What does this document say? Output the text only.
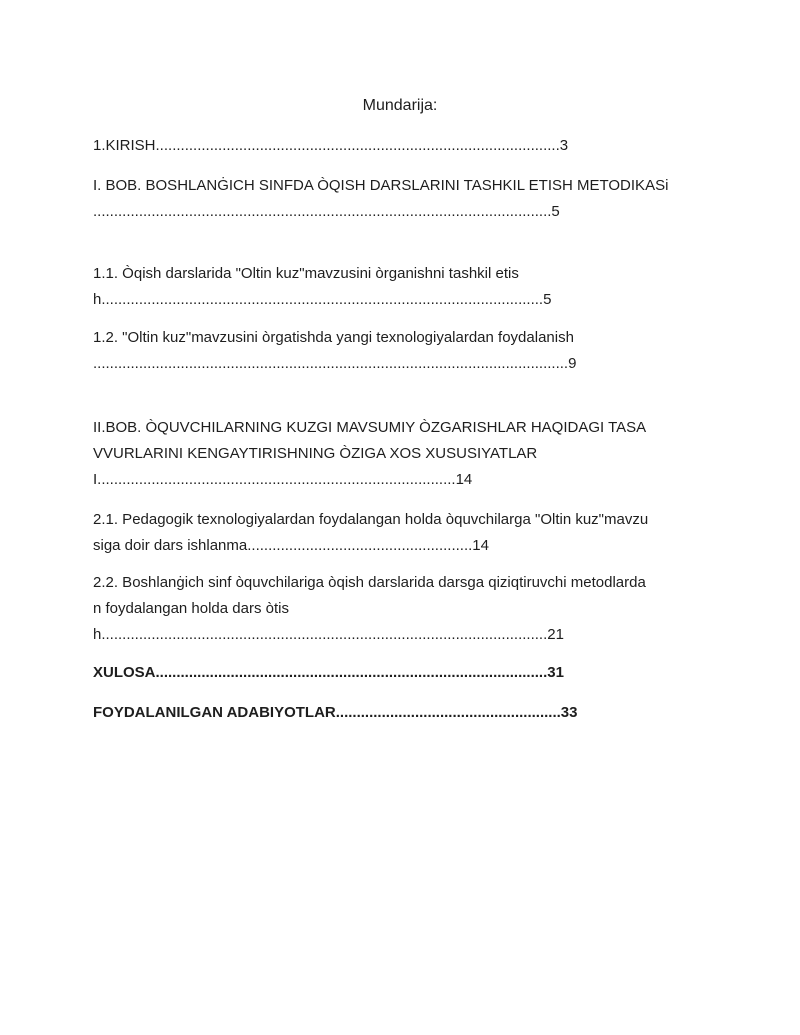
Mundarija:

1.KIRISH.................................................................................................3

I. BOB. BOSHLANĠICH SINFDA ÒQISH DARSLARINI TASHKIL ETISH METODIKASi ..............................................................................................................5

1.1. Òqish darslarida "Oltin kuz"mavzusini òrganishni tashkil etish..........................................................................................................5

1.2. "Oltin kuz"mavzusini òrgatishda yangi texnologiyalardan foydalanish ..................................................................................................................9

II.BOB. ÒQUVCHILARNING KUZGI MAVSUMIY ÒZGARISHLAR HAQIDAGI TASAVVURLARINI KENGAYTIRISHNING ÒZIGA XOS XUSUSIYATLARI......................................................................................14

2.1. Pedagogik texnologiyalardan foydalangan holda òquvchilarga "Oltin kuz"mavzusiga doir dars ishlanma......................................................14

2.2. Boshlanġich sinf òquvchilariga òqish darslarida darsga qiziqtiruvchi metodlardan foydalangan holda dars òtish...........................................................................................................21

XULOSA..............................................................................................31

FOYDALANILGAN ADABIYOTLAR......................................................33
